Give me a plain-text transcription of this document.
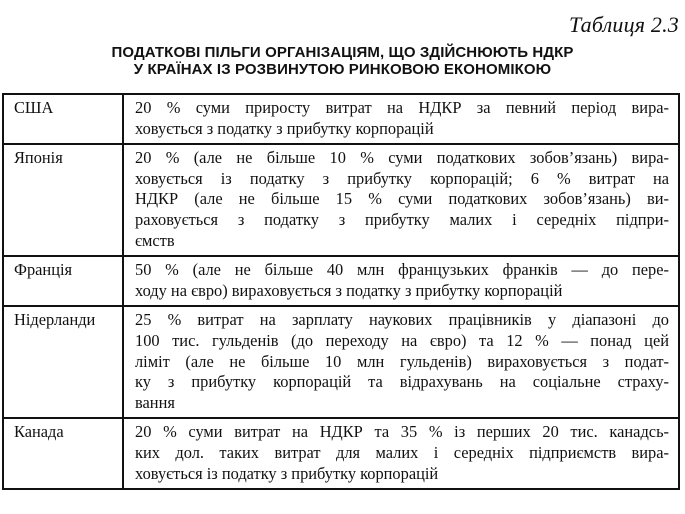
Таблиця 2.3
ПОДАТКОВІ ПІЛЬГИ ОРГАНІЗАЦІЯМ, ЩО ЗДІЙСНЮЮТЬ НДКР
У КРАЇНАХ ІЗ РОЗВИНУТОЮ РИНКОВОЮ ЕКОНОМІКОЮ
США	20 % суми приросту витрат на НДКР за певний період вира-
ховується з податку з прибутку корпорацій

Японія	20 % (але не більше 10 % суми податкових зобов’язань) вира-
ховується із податку з прибутку корпорацій; 6 % витрат на
НДКР (але не більше 15 % суми податкових зобов’язань) ви-
раховується з податку з прибутку малих і середніх підпри-
ємств

Франція	50 % (але не більше 40 млн французьких франків — до пере-
ходу на євро) вираховується з податку з прибутку корпорацій

Нідерланди	25 % витрат на зарплату наукових працівників у діапазоні до
100 тис. гульденів (до переходу на євро) та 12 % — понад цей
ліміт (але не більше 10 млн гульденів) вираховується з подат-
ку з прибутку корпорацій та відрахувань на соціальне страху-
вання

Канада	20 % суми витрат на НДКР та 35 % із перших 20 тис. канадсь-
ких дол. таких витрат для малих і середніх підприємств вира-
ховується із податку з прибутку корпорацій
